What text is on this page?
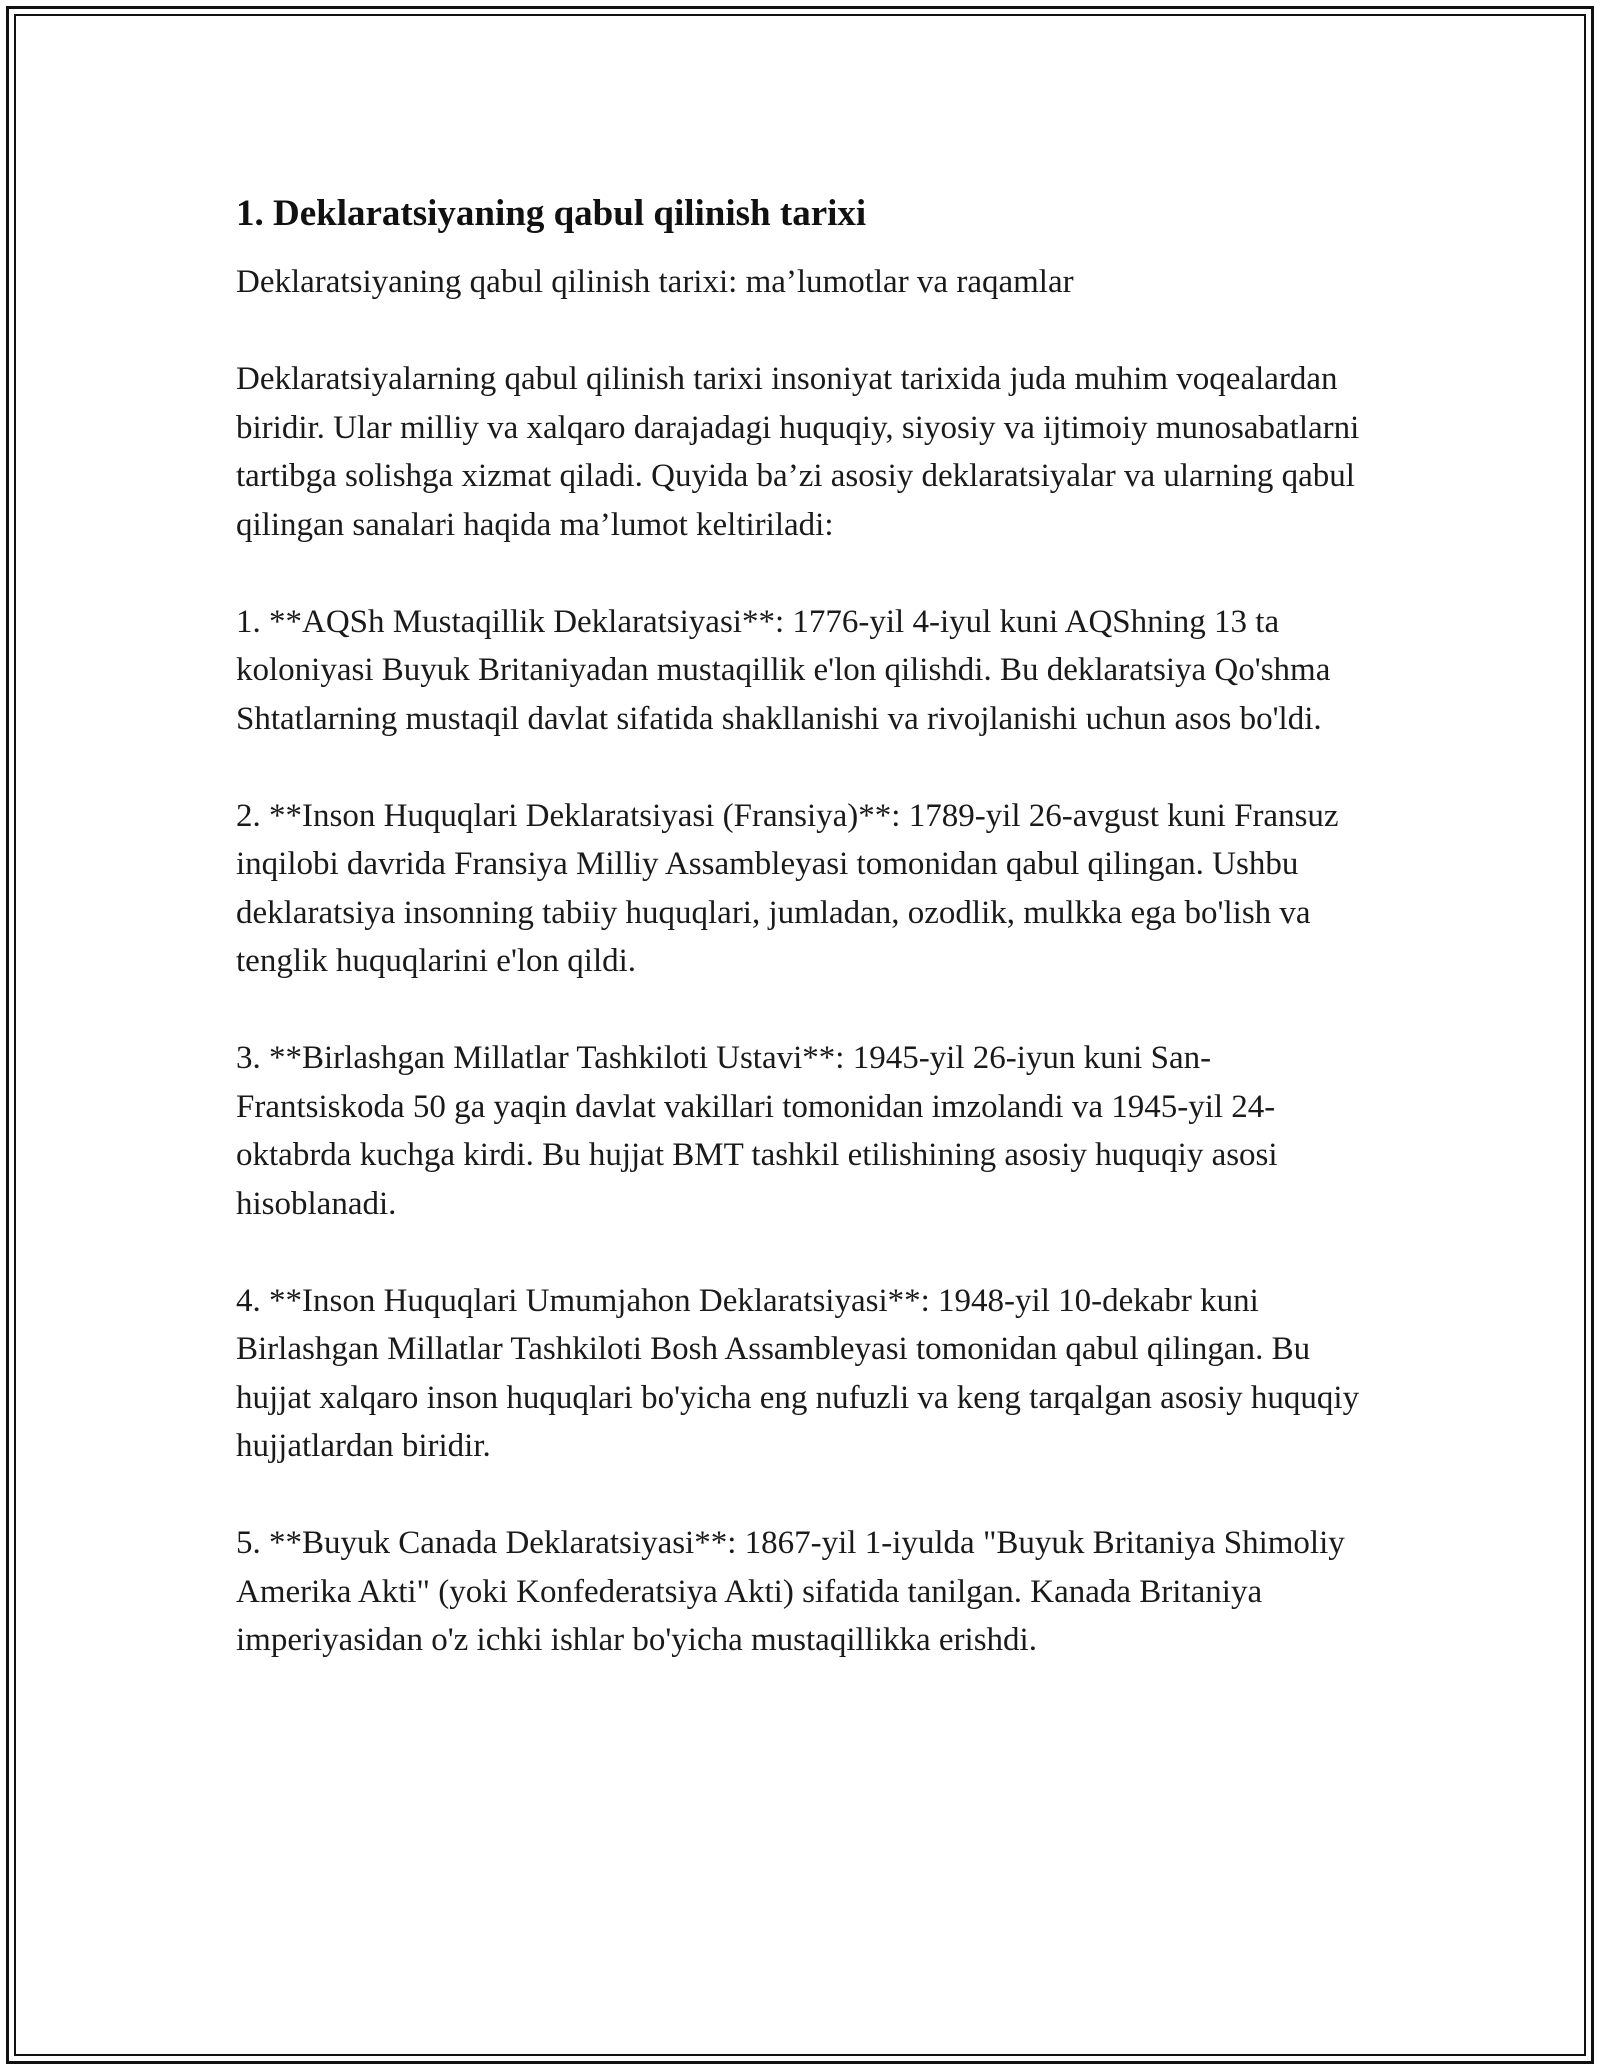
1. Deklaratsiyaning qabul qilinish tarixi

Deklaratsiyaning qabul qilinish tarixi: ma’lumotlar va raqamlar

Deklaratsiyalarning qabul qilinish tarixi insoniyat tarixida juda muhim voqealardan biridir. Ular milliy va xalqaro darajadagi huquqiy, siyosiy va ijtimoiy munosabatlarni tartibga solishga xizmat qiladi. Quyida ba’zi asosiy deklaratsiyalar va ularning qabul qilingan sanalari haqida ma’lumot keltiriladi:

1. **AQSh Mustaqillik Deklaratsiyasi**: 1776-yil 4-iyul kuni AQShning 13 ta koloniyasi Buyuk Britaniyadan mustaqillik e'lon qilishdi. Bu deklaratsiya Qo'shma Shtatlarning mustaqil davlat sifatida shakllanishi va rivojlanishi uchun asos bo'ldi.

2. **Inson Huquqlari Deklaratsiyasi (Fransiya)**: 1789-yil 26-avgust kuni Fransuz inqilobi davrida Fransiya Milliy Assambleyasi tomonidan qabul qilingan. Ushbu deklaratsiya insonning tabiiy huquqlari, jumladan, ozodlik, mulkka ega bo'lish va tenglik huquqlarini e'lon qildi.

3. **Birlashgan Millatlar Tashkiloti Ustavi**: 1945-yil 26-iyun kuni San-Frantsiskoda 50 ga yaqin davlat vakillari tomonidan imzolandi va 1945-yil 24-oktabrda kuchga kirdi. Bu hujjat BMT tashkil etilishining asosiy huquqiy asosi hisoblanadi.

4. **Inson Huquqlari Umumjahon Deklaratsiyasi**: 1948-yil 10-dekabr kuni Birlashgan Millatlar Tashkiloti Bosh Assambleyasi tomonidan qabul qilingan. Bu hujjat xalqaro inson huquqlari bo'yicha eng nufuzli va keng tarqalgan asosiy huquqiy hujjatlardan biridir.

5. **Buyuk Canada Deklaratsiyasi**: 1867-yil 1-iyulda "Buyuk Britaniya Shimoliy Amerika Akti" (yoki Konfederatsiya Akti) sifatida tanilgan. Kanada Britaniya imperiyasidan o'z ichki ishlar bo'yicha mustaqillikka erishdi.
